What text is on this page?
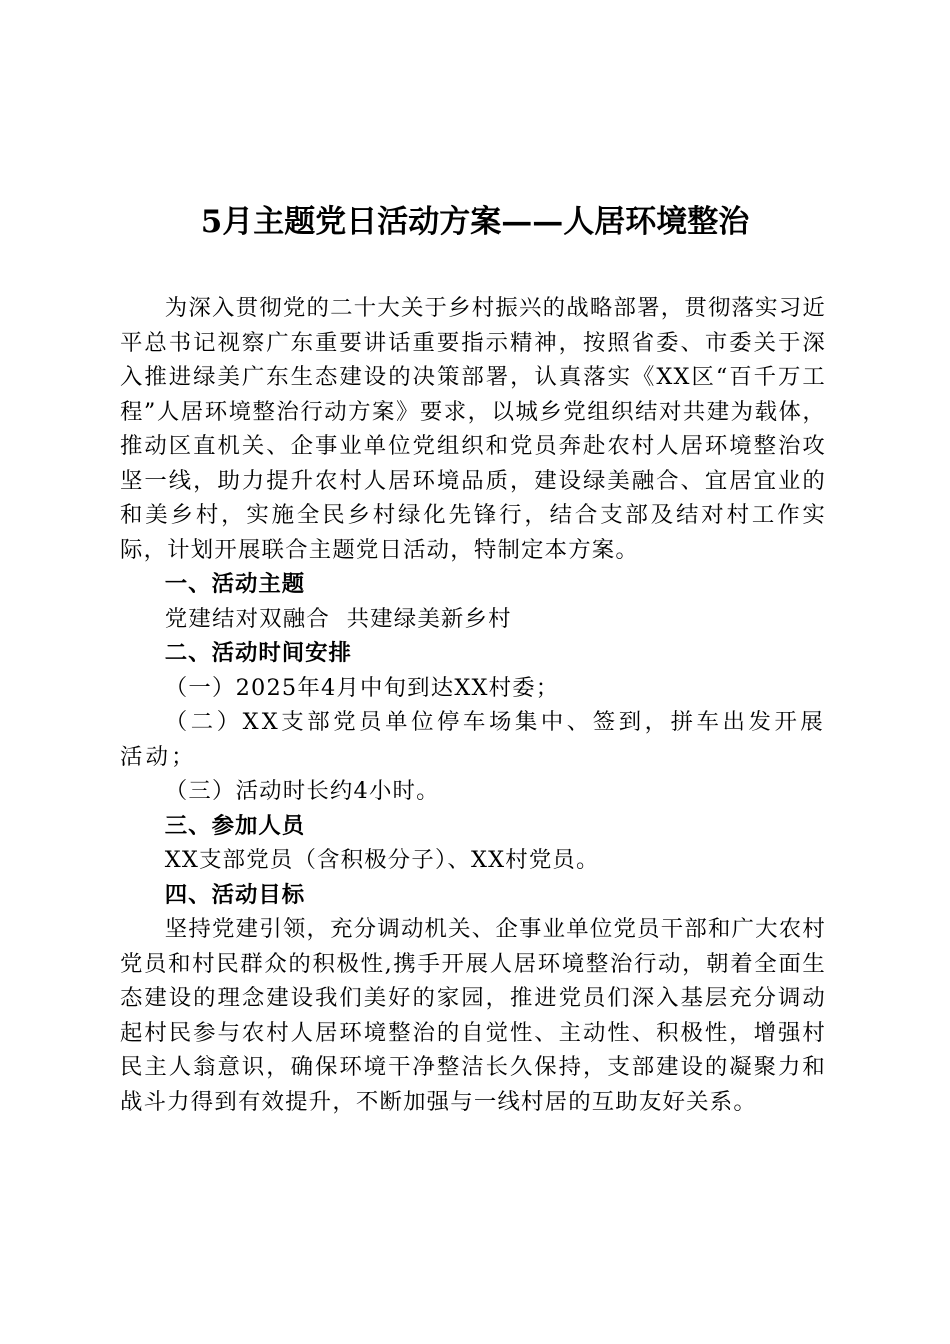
5月主题党日活动方案——人居环境整治

为深入贯彻党的二十大关于乡村振兴的战略部署，贯彻落实习近平总书记视察广东重要讲话重要指示精神，按照省委、市委关于深入推进绿美广东生态建设的决策部署，认真落实《XX区“百千万工程”人居环境整治行动方案》要求，以城乡党组织结对共建为载体，推动区直机关、企事业单位党组织和党员奔赴农村人居环境整治攻坚一线，助力提升农村人居环境品质，建设绿美融合、宜居宜业的和美乡村，实施全民乡村绿化先锋行，结合支部及结对村工作实际，计划开展联合主题党日活动，特制定本方案。

一、活动主题

党建结对双融合  共建绿美新乡村

二、活动时间安排

（一）2025年4月中旬到达XX村委；

（二）XX支部党员单位停车场集中、签到，拼车出发开展活动；

（三）活动时长约4小时。

三、参加人员

XX支部党员（含积极分子）、XX村党员。

四、活动目标

坚持党建引领，充分调动机关、企事业单位党员干部和广大农村党员和村民群众的积极性,携手开展人居环境整治行动，朝着全面生态建设的理念建设我们美好的家园，推进党员们深入基层充分调动起村民参与农村人居环境整治的自觉性、主动性、积极性，增强村民主人翁意识，确保环境干净整洁长久保持，支部建设的凝聚力和战斗力得到有效提升，不断加强与一线村居的互助友好关系。
